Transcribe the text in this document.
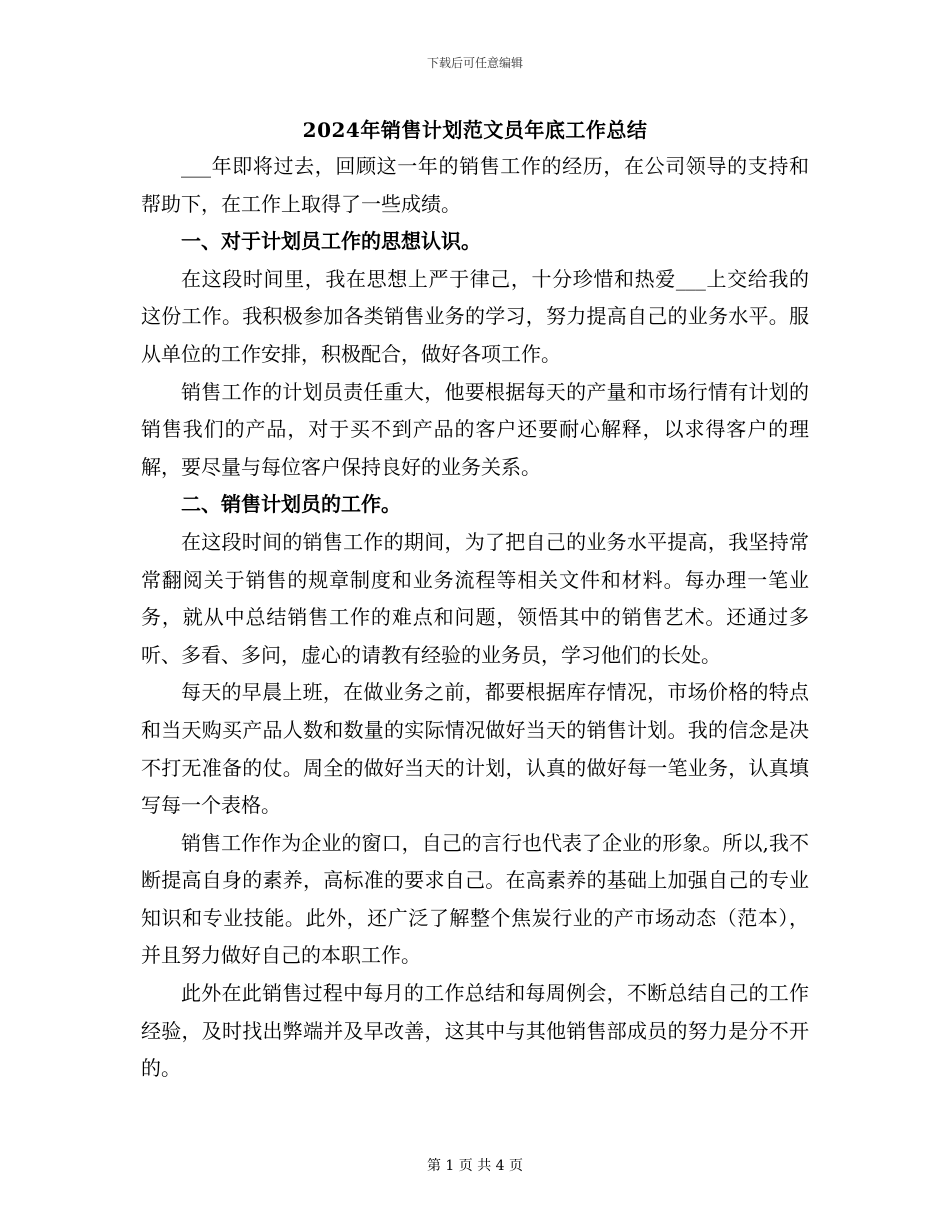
下载后可任意编辑
2024年销售计划范文员年底工作总结

___年即将过去，回顾这一年的销售工作的经历，在公司领导的支持和帮助下，在工作上取得了一些成绩。

一、对于计划员工作的思想认识。

在这段时间里，我在思想上严于律己，十分珍惜和热爱___上交给我的这份工作。我积极参加各类销售业务的学习，努力提高自己的业务水平。服从单位的工作安排，积极配合，做好各项工作。

销售工作的计划员责任重大，他要根据每天的产量和市场行情有计划的销售我们的产品，对于买不到产品的客户还要耐心解释，以求得客户的理解，要尽量与每位客户保持良好的业务关系。

二、销售计划员的工作。

在这段时间的销售工作的期间，为了把自己的业务水平提高，我坚持常常翻阅关于销售的规章制度和业务流程等相关文件和材料。每办理一笔业务，就从中总结销售工作的难点和问题，领悟其中的销售艺术。还通过多听、多看、多问，虚心的请教有经验的业务员，学习他们的长处。

每天的早晨上班，在做业务之前，都要根据库存情况，市场价格的特点和当天购买产品人数和数量的实际情况做好当天的销售计划。我的信念是决不打无准备的仗。周全的做好当天的计划，认真的做好每一笔业务，认真填写每一个表格。

销售工作作为企业的窗口，自己的言行也代表了企业的形象。所以,我不断提高自身的素养，高标准的要求自己。在高素养的基础上加强自己的专业知识和专业技能。此外，还广泛了解整个焦炭行业的产市场动态（范本），并且努力做好自己的本职工作。

此外在此销售过程中每月的工作总结和每周例会，不断总结自己的工作经验，及时找出弊端并及早改善，这其中与其他销售部成员的努力是分不开的。

第 1 页 共 4 页
